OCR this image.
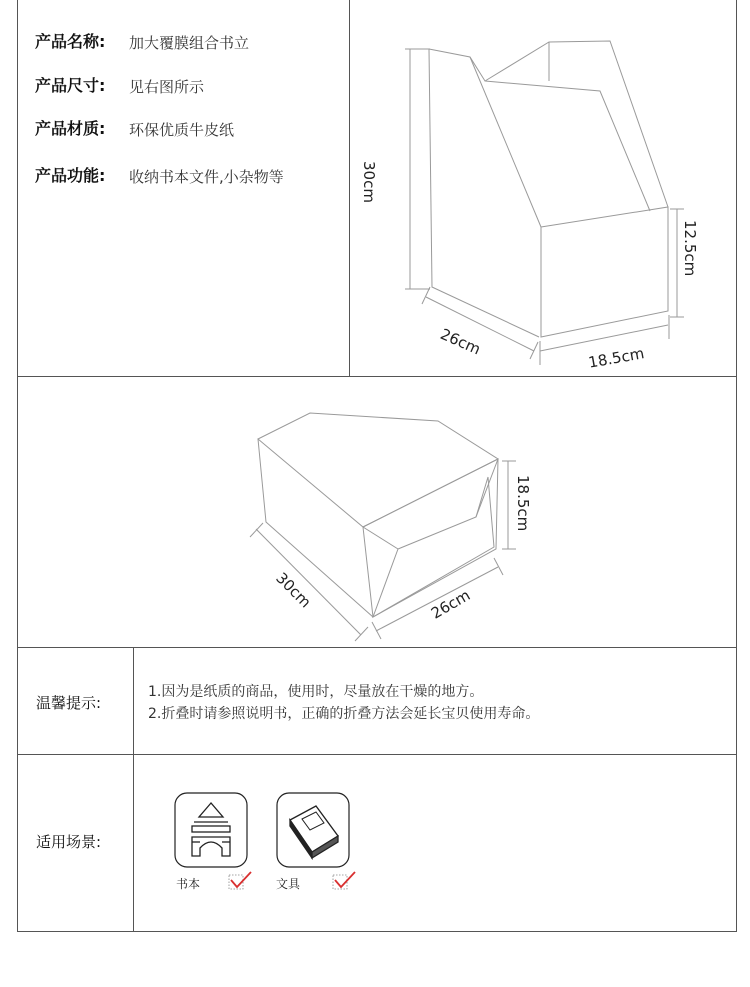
产品名称: 加大覆膜组合书立
产品尺寸: 见右图所示
产品材质: 环保优质牛皮纸
产品功能: 收纳书本文件,小杂物等	30cm
12.5cm
26cm	18.5cm
18.5cm
30cm	26cm
温馨提示:
1.因为是纸质的商品，使用时，尽量放在干燥的地方。
2.折叠时请参照说明书，正确的折叠方法会延长宝贝使用寿命。
适用场景:
书本	文具
